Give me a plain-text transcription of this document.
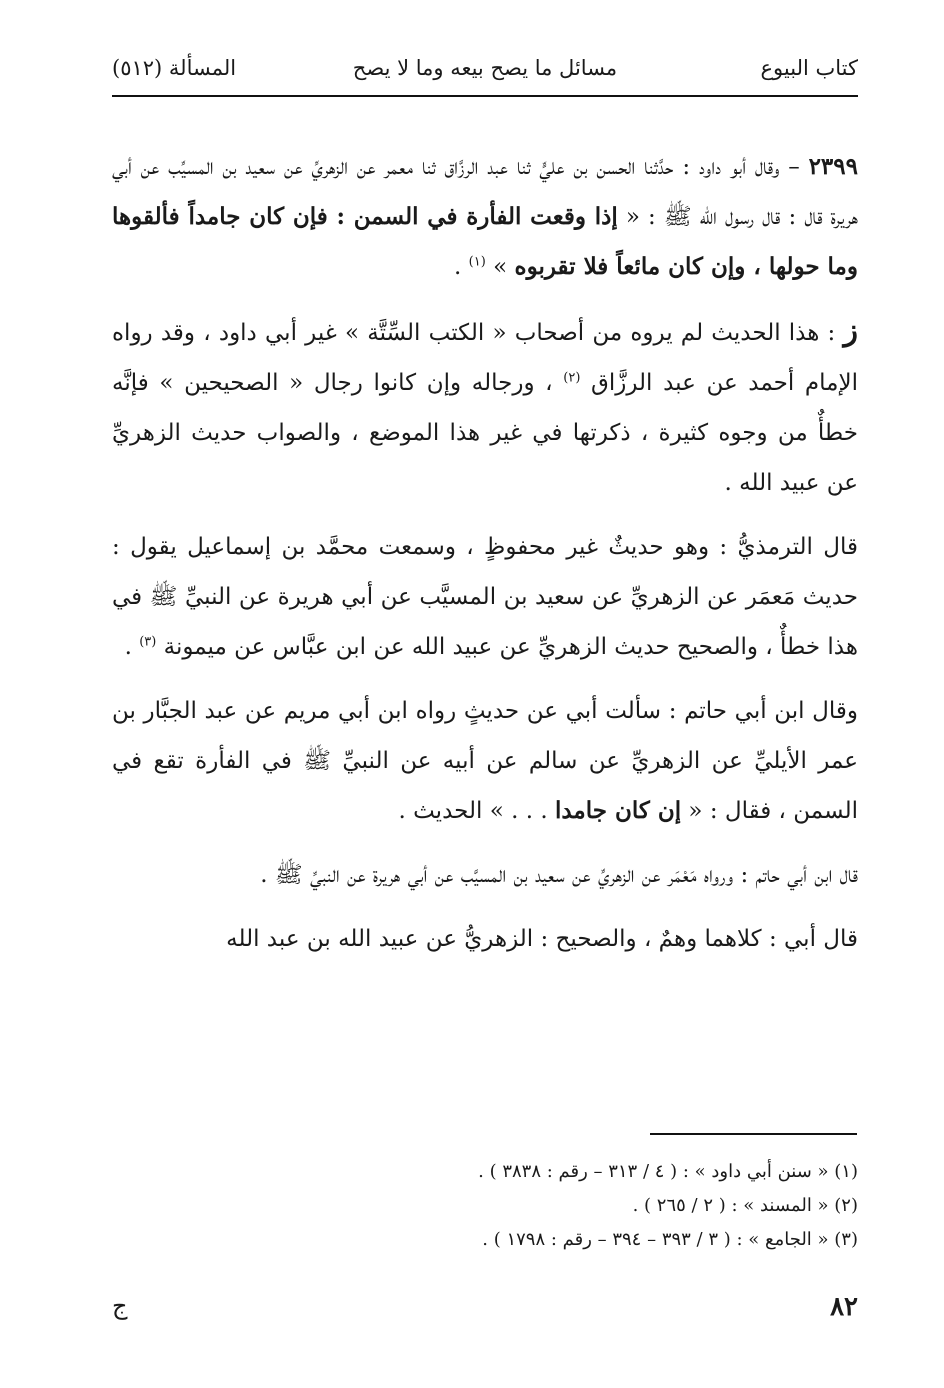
كتاب البيوع
مسائل ما يصح بيعه وما لا يصح
المسألة (٥١٢)

٢٣٩٩ – وقال أبو داود : حدَّثنا الحسن بن عليٍّ ثنا عبد الرزَّاق ثنا معمر عن الزهريِّ عن سعيد بن المسيِّب عن أبي هريرة قال : قال رسول الله ﷺ : « إذا وقعت الفأرة في السمن : فإن كان جامداً فألقوها وما حولها ، وإن كان مائعاً فلا تقربوه » $^{(١)}$ .

ز : هذا الحديث لم يروه من أصحاب « الكتب السِّتَّة » غير أبي داود ، وقد رواه الإمام أحمد عن عبد الرزَّاق $^{(٢)}$ ، ورجاله وإن كانوا رجال « الصحيحين » فإنَّه خطأٌ من وجوه كثيرة ، ذكرتها في غير هذا الموضع ، والصواب حديث الزهريِّ عن عبيد الله .

قال الترمذيُّ : وهو حديثٌ غير محفوظٍ ، وسمعت محمَّد بن إسماعيل يقول : حديث مَعمَر عن الزهريِّ عن سعيد بن المسيَّب عن أبي هريرة عن النبيِّ ﷺ في هذا خطأٌ ، والصحيح حديث الزهريِّ عن عبيد الله عن ابن عبَّاس عن ميمونة $^{(٣)}$ .

وقال ابن أبي حاتم : سألت أبي عن حديثٍ رواه ابن أبي مريم عن عبد الجبَّار بن عمر الأيليِّ عن الزهريِّ عن سالم عن أبيه عن النبيِّ ﷺ في الفأرة تقع في السمن ، فقال : « إن كان جامدا . . . » الحديث .

قال ابن أبي حاتم : ورواه مَعْمَر عن الزهريِّ عن سعيد بن المسيَّب عن أبي هريرة عن النبيِّ ﷺ .

قال أبي : كلاهما وهمٌ ، والصحيح : الزهريُّ عن عبيد الله بن عبد الله

(١) « سنن أبي داود » : ( ٤ / ٣١٣ – رقم : ٣٨٣٨ ) .
(٢) « المسند » : ( ٢ / ٢٦٥ ) .
(٣) « الجامع » : ( ٣ / ٣٩٣ – ٣٩٤ – رقم : ١٧٩٨ ) .
٨٢
ج
